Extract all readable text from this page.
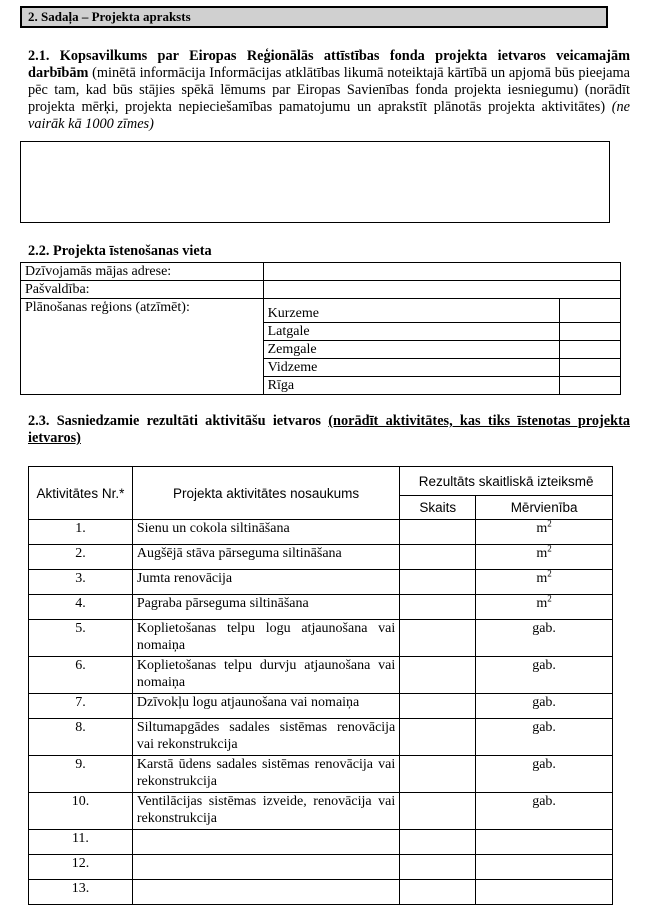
2. Sadaļa – Projekta apraksts
2.1. Kopsavilkums par Eiropas Reģionālās attīstības fonda projekta ietvaros veicamajām darbībām (minētā informācija Informācijas atklātības likumā noteiktajā kārtībā un apjomā būs pieejama pēc tam, kad būs stājies spēkā lēmums par Eiropas Savienības fonda projekta iesniegumu) (norādīt projekta mērķi, projekta nepieciešamības pamatojumu un aprakstīt plānotās projekta aktivitātes) (ne vairāk kā 1000 zīmes)
2.2. Projekta īstenošanas vieta
Dzīvojamās mājas adrese:		
Pašvaldība:		
Plānošanas reģions (atzīmēt):		
	Kurzeme	
	Latgale	
	Zemgale	
	Vidzeme	
	Rīga	
2.3. Sasniedzamie rezultāti aktivitāšu ietvaros (norādīt aktivitātes, kas tiks īstenotas projekta ietvaros)
Aktivitātes Nr.*	Projekta aktivitātes nosaukums	Rezultāts skaitliskā izteiksmē	
		Skaits	Mērvienība
1.	Sienu un cokola siltināšana		$m^2$
2.	Augšējā stāva pārseguma siltināšana		$m^2$
3.	Jumta renovācija		$m^2$
4.	Pagraba pārseguma siltināšana		$m^2$
5.	Koplietošanas telpu logu atjaunošana vai nomaiņa		gab.
6.	Koplietošanas telpu durvju atjaunošana vai nomaiņa		gab.
7.	Dzīvokļu logu atjaunošana vai nomaiņa		gab.
8.	Siltumapgādes sadales sistēmas renovācija vai rekonstrukcija		gab.
9.	Karstā ūdens sadales sistēmas renovācija vai rekonstrukcija		gab.
10.	Ventilācijas sistēmas izveide, renovācija vai rekonstrukcija		gab.
11.			
12.			
13.			
